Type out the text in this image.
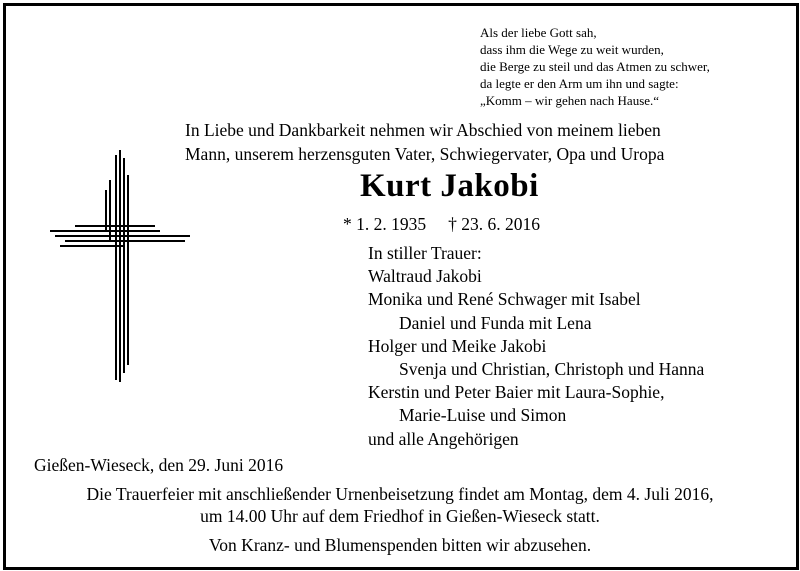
Als der liebe Gott sah,
dass ihm die Wege zu weit wurden,
die Berge zu steil und das Atmen zu schwer,
da legte er den Arm um ihn und sagte:
„Komm – wir gehen nach Hause.“
In Liebe und Dankbarkeit nehmen wir Abschied von meinem lieben
Mann, unserem herzensguten Vater, Schwiegervater, Opa und Uropa
Kurt Jakobi
* 1. 2. 1935 † 23. 6. 2016
In stiller Trauer:
Waltraud Jakobi
Monika und René Schwager mit Isabel
Daniel und Funda mit Lena
Holger und Meike Jakobi
Svenja und Christian, Christoph und Hanna
Kerstin und Peter Baier mit Laura-Sophie,
Marie-Luise und Simon
und alle Angehörigen
Gießen-Wieseck, den 29. Juni 2016
Die Trauerfeier mit anschließender Urnenbeisetzung findet am Montag, dem 4. Juli 2016,
um 14.00 Uhr auf dem Friedhof in Gießen-Wieseck statt.
Von Kranz- und Blumenspenden bitten wir abzusehen.
